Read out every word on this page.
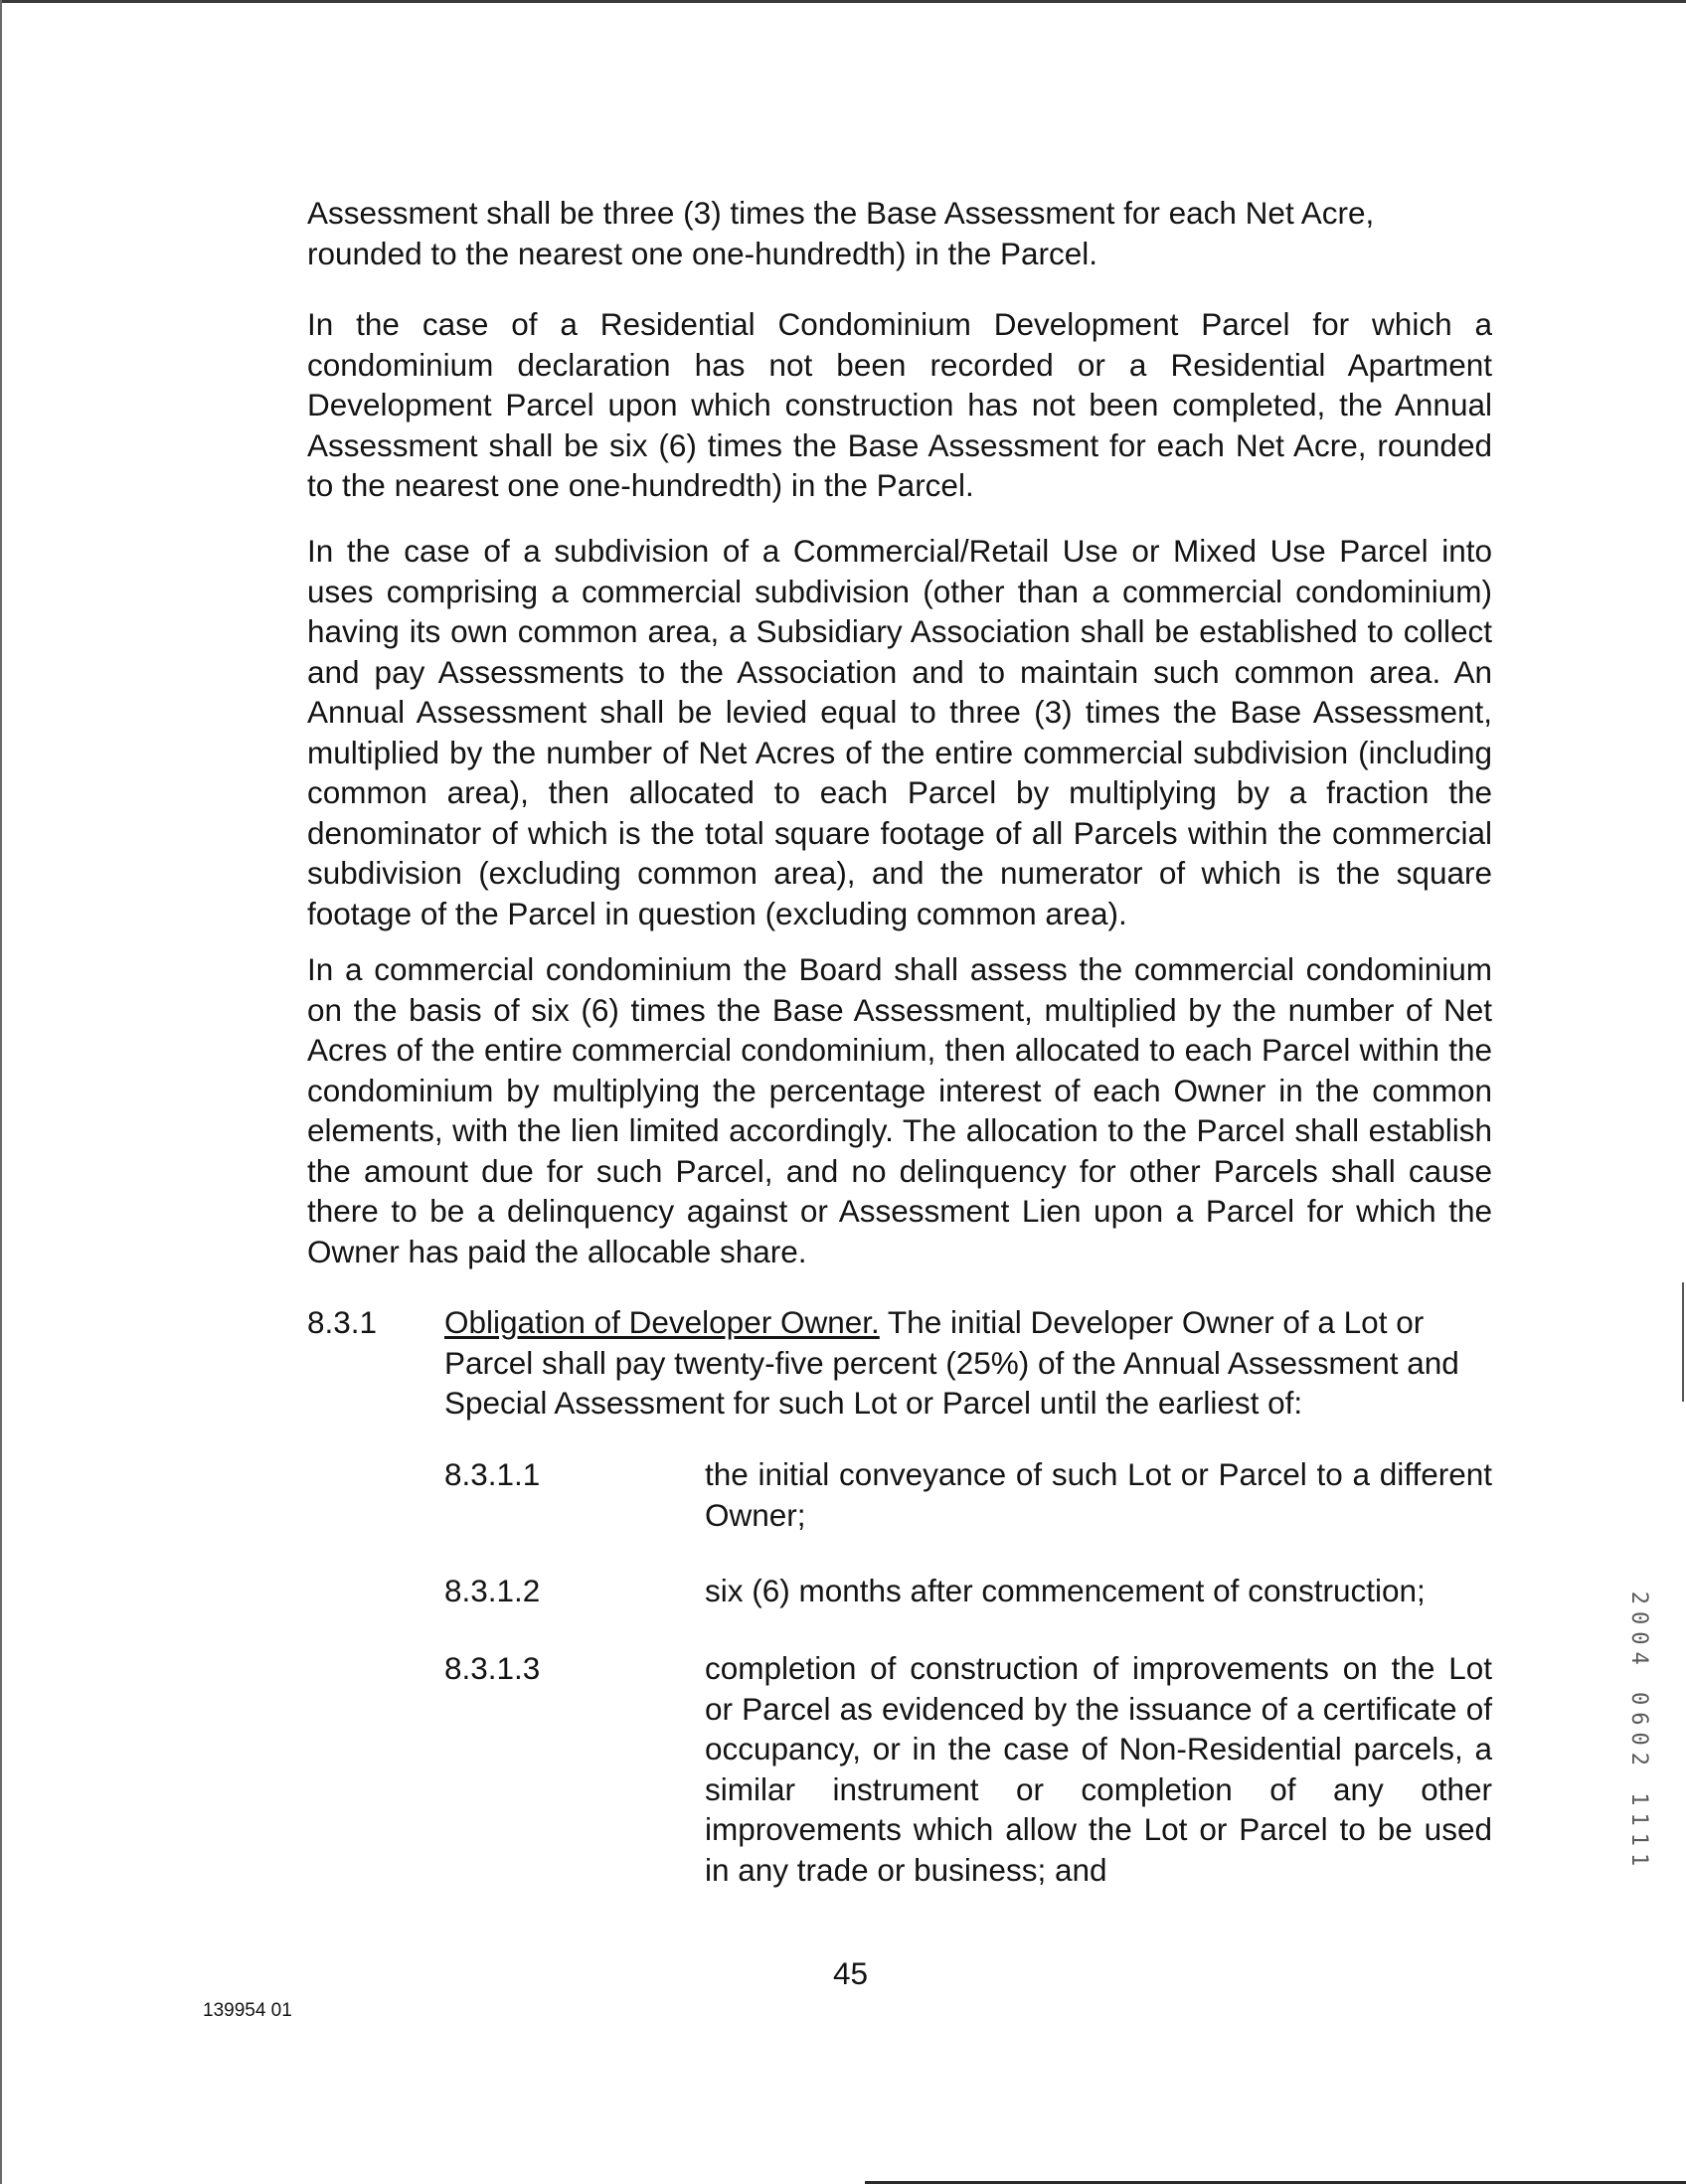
Assessment shall be three (3) times the Base Assessment for each Net Acre, rounded to the nearest one one-hundredth) in the Parcel.

In the case of a Residential Condominium Development Parcel for which a condominium declaration has not been recorded or a Residential Apartment Development Parcel upon which construction has not been completed, the Annual Assessment shall be six (6) times the Base Assessment for each Net Acre, rounded to the nearest one one-hundredth) in the Parcel.

In the case of a subdivision of a Commercial/Retail Use or Mixed Use Parcel into uses comprising a commercial subdivision (other than a commercial condominium) having its own common area, a Subsidiary Association shall be established to collect and pay Assessments to the Association and to maintain such common area. An Annual Assessment shall be levied equal to three (3) times the Base Assessment, multiplied by the number of Net Acres of the entire commercial subdivision (including common area), then allocated to each Parcel by multiplying by a fraction the denominator of which is the total square footage of all Parcels within the commercial subdivision (excluding common area), and the numerator of which is the square footage of the Parcel in question (excluding common area).

In a commercial condominium the Board shall assess the commercial condominium on the basis of six (6) times the Base Assessment, multiplied by the number of Net Acres of the entire commercial condominium, then allocated to each Parcel within the condominium by multiplying the percentage interest of each Owner in the common elements, with the lien limited accordingly. The allocation to the Parcel shall establish the amount due for such Parcel, and no delinquency for other Parcels shall cause there to be a delinquency against or Assessment Lien upon a Parcel for which the Owner has paid the allocable share.

8.3.1 Obligation of Developer Owner. The initial Developer Owner of a Lot or Parcel shall pay twenty-five percent (25%) of the Annual Assessment and Special Assessment for such Lot or Parcel until the earliest of:

8.3.1.1	the initial conveyance of such Lot or Parcel to a different Owner;

8.3.1.2	six (6) months after commencement of construction;

8.3.1.3	completion of construction of improvements on the Lot or Parcel as evidenced by the issuance of a certificate of occupancy, or in the case of Non-Residential parcels, a similar instrument or completion of any other improvements which allow the Lot or Parcel to be used in any trade or business; and

139954 01
45
2004 0602 1111
